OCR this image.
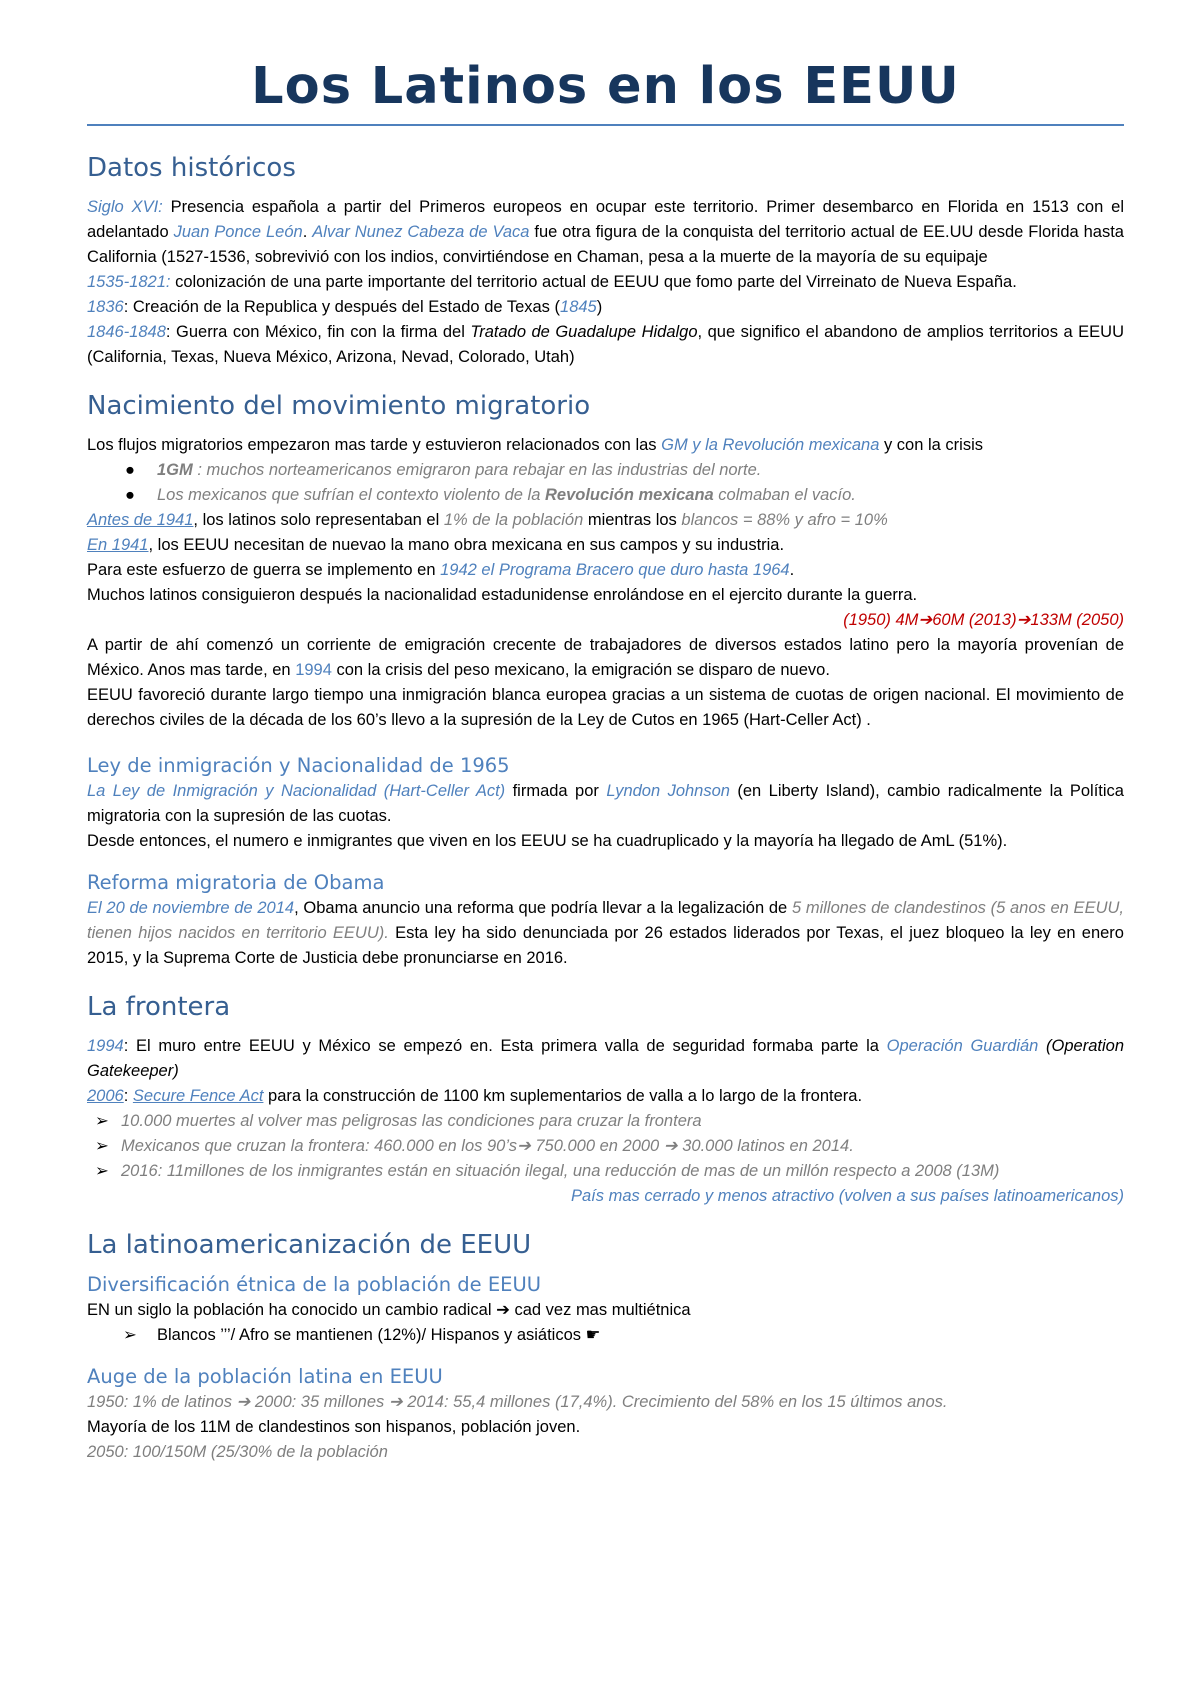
Los Latinos en los EEUU
Datos históricos

Siglo XVI: Presencia española a partir del Primeros europeos en ocupar este territorio. Primer desembarco en Florida en 1513 con el adelantado Juan Ponce León. Alvar Nunez Cabeza de Vaca fue otra figura de la conquista del territorio actual de EE.UU desde Florida hasta California (1527-1536, sobrevivió con los indios, convirtiéndose en Chaman, pesa a la muerte de la mayoría de su equipaje

1535-1821: colonización de una parte importante del territorio actual de EEUU que fomo parte del Virreinato de Nueva España.

1836: Creación de la Republica y después del Estado de Texas (1845)

1846-1848: Guerra con México, fin con la firma del Tratado de Guadalupe Hidalgo, que significo el abandono de amplios territorios a EEUU (California, Texas, Nueva México, Arizona, Nevad, Colorado, Utah)

Nacimiento del movimiento migratorio

Los flujos migratorios empezaron mas tarde y estuvieron relacionados con las GM y la Revolución mexicana y con la crisis

● 1GM : muchos norteamericanos emigraron para rebajar en las industrias del norte.
● Los mexicanos que sufrían el contexto violento de la Revolución mexicana colmaban el vacío.

Antes de 1941, los latinos solo representaban el 1% de la población mientras los blancos = 88% y afro = 10%

En 1941, los EEUU necesitan de nuevao la mano obra mexicana en sus campos y su industria.

Para este esfuerzo de guerra se implemento en 1942 el Programa Bracero que duro hasta 1964.

Muchos latinos consiguieron después la nacionalidad estadunidense enrolándose en el ejercito durante la guerra.

(1950) 4M➔60M (2013)➔133M (2050)

A partir de ahí comenzó un corriente de emigración crecente de trabajadores de diversos estados latino pero la mayoría provenían de México. Anos mas tarde, en 1994 con la crisis del peso mexicano, la emigración se disparo de nuevo.

EEUU favoreció durante largo tiempo una inmigración blanca europea gracias a un sistema de cuotas de origen nacional. El movimiento de derechos civiles de la década de los 60’s llevo a la supresión de la Ley de Cutos en 1965 (Hart-Celler Act) .

Ley de inmigración y Nacionalidad de 1965

La Ley de Inmigración y Nacionalidad (Hart-Celler Act) firmada por Lyndon Johnson (en Liberty Island), cambio radicalmente la Política migratoria con la supresión de las cuotas.

Desde entonces, el numero e inmigrantes que viven en los EEUU se ha cuadruplicado y la mayoría ha llegado de AmL (51%).

Reforma migratoria de Obama

El 20 de noviembre de 2014, Obama anuncio una reforma que podría llevar a la legalización de 5 millones de clandestinos (5 anos en EEUU, tienen hijos nacidos en territorio EEUU). Esta ley ha sido denunciada por 26 estados liderados por Texas, el juez bloqueo la ley en enero 2015, y la Suprema Corte de Justicia debe pronunciarse en 2016.

La frontera

1994: El muro entre EEUU y México se empezó en. Esta primera valla de seguridad formaba parte la Operación Guardián (Operation Gatekeeper)

2006: Secure Fence Act para la construcción de 1100 km suplementarios de valla a lo largo de la frontera.

➢ 10.000 muertes al volver mas peligrosas las condiciones para cruzar la frontera
➢ Mexicanos que cruzan la frontera: 460.000 en los 90’s➔ 750.000 en 2000 ➔ 30.000 latinos en 2014.
➢ 2016: 11millones de los inmigrantes están en situación ilegal, una reducción de mas de un millón respecto a 2008 (13M)

País mas cerrado y menos atractivo (volven a sus países latinoamericanos)

La latinoamericanización de EEUU
Diversificación étnica de la población de EEUU

EN un siglo la población ha conocido un cambio radical ➔ cad vez mas multiétnica

➢ Blancos ’’’/ Afro se mantienen (12%)/ Hispanos y asiáticos ☛
Auge de la población latina en EEUU

1950: 1% de latinos ➔ 2000: 35 millones ➔ 2014: 55,4 millones (17,4%). Crecimiento del 58% en los 15 últimos anos.

Mayoría de los 11M de clandestinos son hispanos, población joven.

2050: 100/150M (25/30% de la población
